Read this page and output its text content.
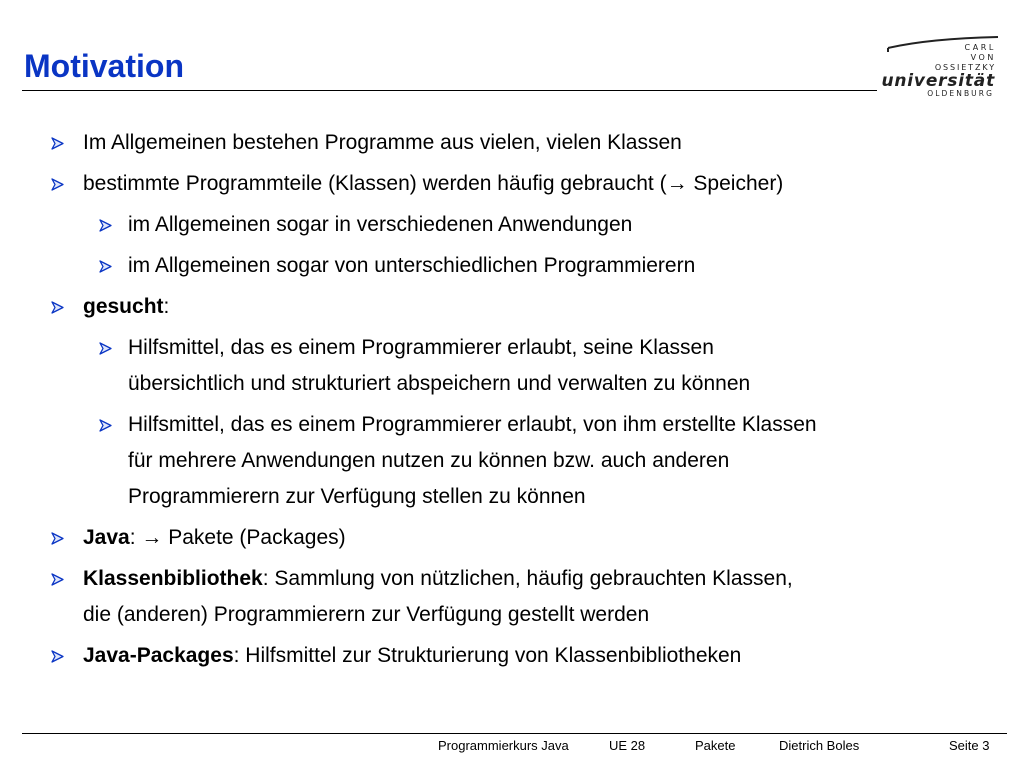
Motivation
CARL
VON
OSSIETZKY
universität
OLDENBURG
Im Allgemeinen bestehen Programme aus vielen, vielen Klassen
bestimmte Programmteile (Klassen) werden häufig gebraucht (→ Speicher)
im Allgemeinen sogar in verschiedenen Anwendungen
im Allgemeinen sogar von unterschiedlichen Programmierern
gesucht:
Hilfsmittel, das es einem Programmierer erlaubt, seine Klassen
übersichtlich und strukturiert abspeichern und verwalten zu können
Hilfsmittel, das es einem Programmierer erlaubt, von ihm erstellte Klassen
für mehrere Anwendungen nutzen zu können bzw. auch anderen
Programmierern zur Verfügung stellen zu können
Java: → Pakete (Packages)
Klassenbibliothek: Sammlung von nützlichen, häufig gebrauchten Klassen,
die (anderen) Programmierern zur Verfügung gestellt werden
Java-Packages: Hilfsmittel zur Strukturierung von Klassenbibliotheken
Programmierkurs Java	UE 28	Pakete	Dietrich Boles	Seite 3
